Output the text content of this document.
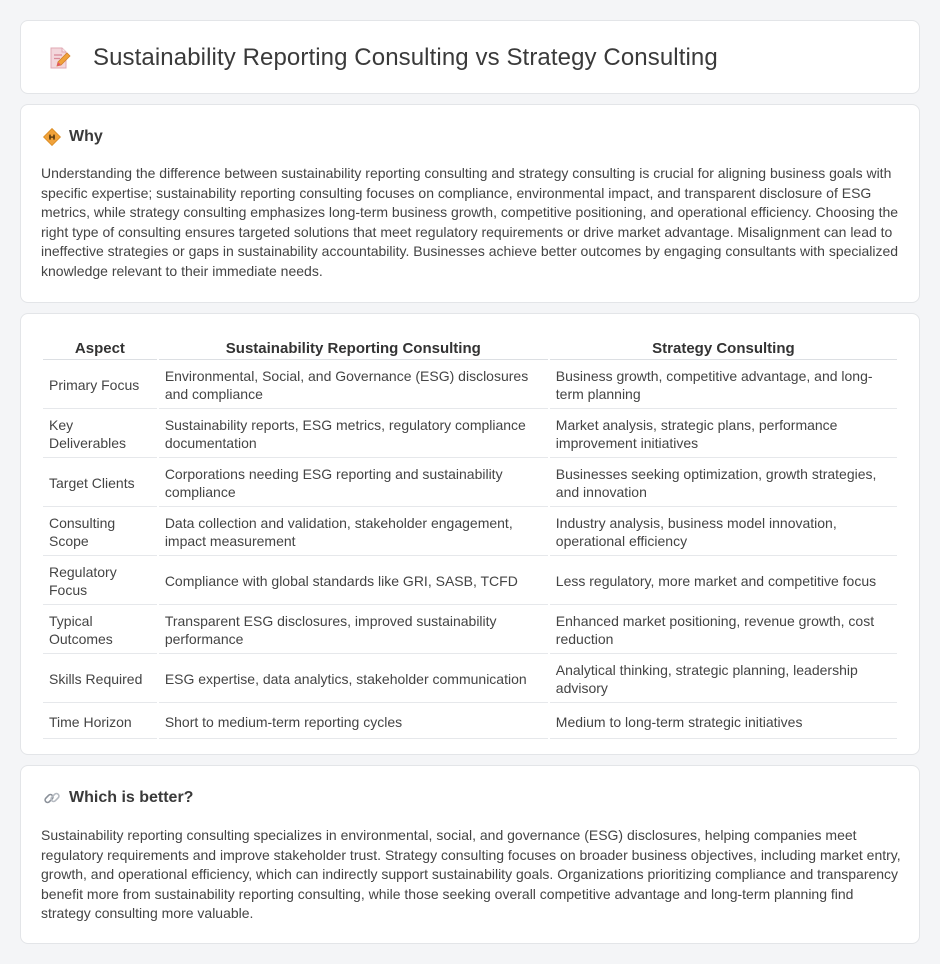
Sustainability Reporting Consulting vs Strategy Consulting
Why

Understanding the difference between sustainability reporting consulting and strategy consulting is crucial for aligning business goals with specific expertise; sustainability reporting consulting focuses on compliance, environmental impact, and transparent disclosure of ESG metrics, while strategy consulting emphasizes long-term business growth, competitive positioning, and operational efficiency. Choosing the right type of consulting ensures targeted solutions that meet regulatory requirements or drive market advantage. Misalignment can lead to ineffective strategies or gaps in sustainability accountability. Businesses achieve better outcomes by engaging consultants with specialized knowledge relevant to their immediate needs.

Aspect	Sustainability Reporting Consulting	Strategy Consulting
Primary Focus	Environmental, Social, and Governance (ESG) disclosures and compliance	Business growth, competitive advantage, and long-term planning
Key Deliverables	Sustainability reports, ESG metrics, regulatory compliance documentation	Market analysis, strategic plans, performance improvement initiatives
Target Clients	Corporations needing ESG reporting and sustainability compliance	Businesses seeking optimization, growth strategies, and innovation
Consulting Scope	Data collection and validation, stakeholder engagement, impact measurement	Industry analysis, business model innovation, operational efficiency
Regulatory Focus	Compliance with global standards like GRI, SASB, TCFD	Less regulatory, more market and competitive focus
Typical Outcomes	Transparent ESG disclosures, improved sustainability performance	Enhanced market positioning, revenue growth, cost reduction
Skills Required	ESG expertise, data analytics, stakeholder communication	Analytical thinking, strategic planning, leadership advisory
Time Horizon	Short to medium-term reporting cycles	Medium to long-term strategic initiatives
Which is better?

Sustainability reporting consulting specializes in environmental, social, and governance (ESG) disclosures, helping companies meet regulatory requirements and improve stakeholder trust. Strategy consulting focuses on broader business objectives, including market entry, growth, and operational efficiency, which can indirectly support sustainability goals. Organizations prioritizing compliance and transparency benefit more from sustainability reporting consulting, while those seeking overall competitive advantage and long-term planning find strategy consulting more valuable.
